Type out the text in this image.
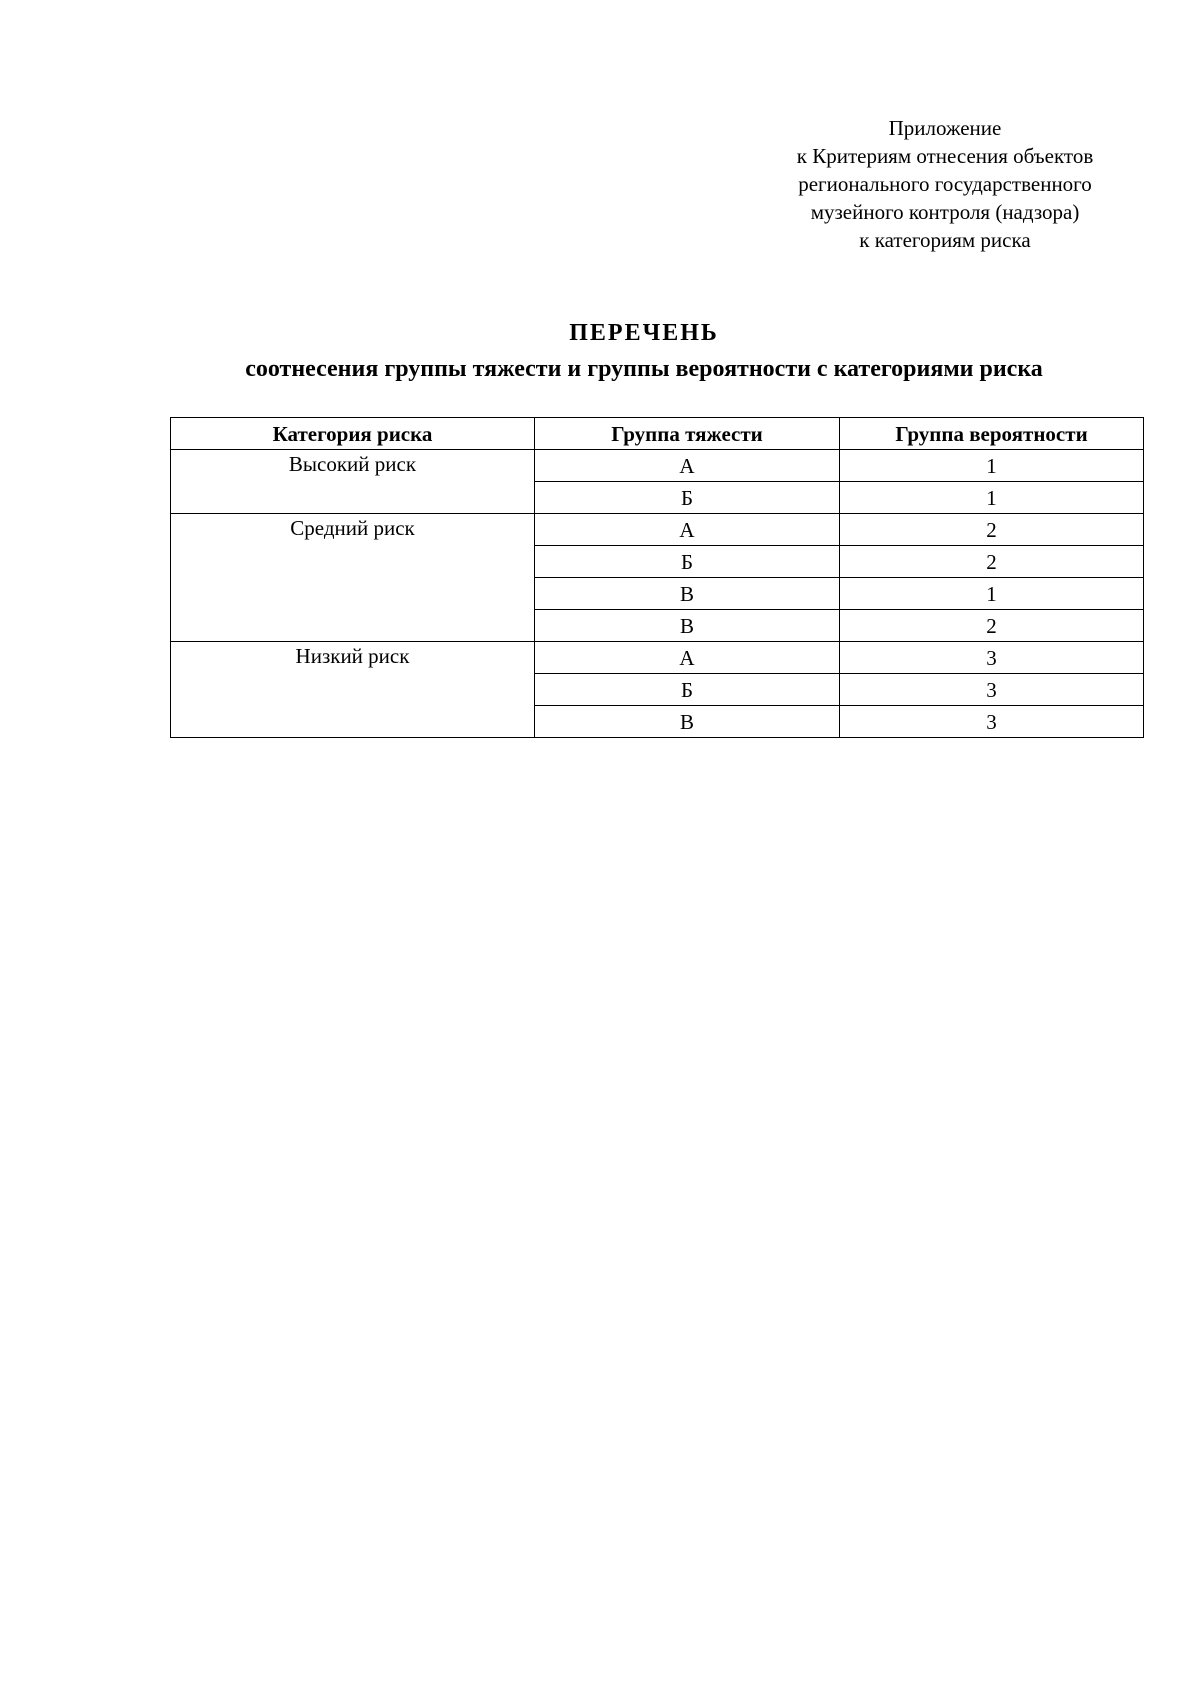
Приложение
к Критериям отнесения объектов
регионального государственного
музейного контроля (надзора)
к категориям риска
ПЕРЕЧЕНЬ
соотнесения группы тяжести и группы вероятности с категориями риска
Категория риска	Группа тяжести	Группа вероятности
Высокий риск	А	1
	Б	1
Средний риск	А	2
	Б	2
	В	1
	В	2
Низкий риск	А	3
	Б	3
	В	3
